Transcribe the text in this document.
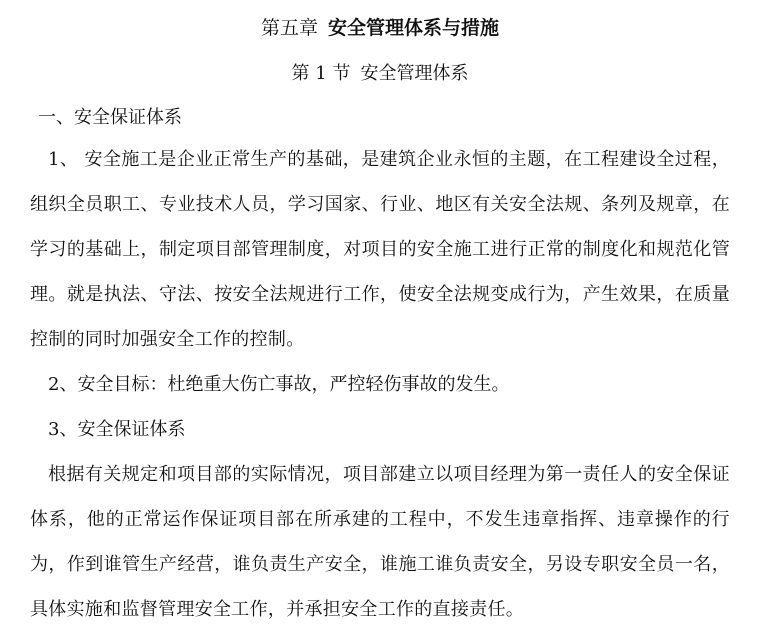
第五章 安全管理体系与措施
第 1 节 安全管理体系
一、安全保证体系

1、 安全施工是企业正常生产的基础，是建筑企业永恒的主题，在工程建设全过程，组织全员职工、专业技术人员，学习国家、行业、地区有关安全法规、条列及规章，在学习的基础上，制定项目部管理制度，对项目的安全施工进行正常的制度化和规范化管理。就是执法、守法、按安全法规进行工作，使安全法规变成行为，产生效果，在质量控制的同时加强安全工作的控制。

2、安全目标：杜绝重大伤亡事故，严控轻伤事故的发生。
3、安全保证体系

根据有关规定和项目部的实际情况，项目部建立以项目经理为第一责任人的安全保证体系，他的正常运作保证项目部在所承建的工程中，不发生违章指挥、违章操作的行为，作到谁管生产经营，谁负责生产安全，谁施工谁负责安全，另设专职安全员一名，具体实施和监督管理安全工作，并承担安全工作的直接责任。
